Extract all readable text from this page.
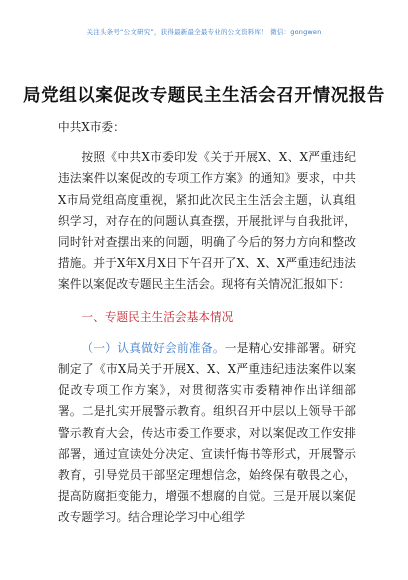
关注头条号“公文研究”，获得最新最全最专业的公文资料库！ 微信：gongwen
局党组以案促改专题民主生活会召开情况报告

中共X市委：

按照《中共X市委印发《关于开展X、X、X严重违纪违法案件以案促改的专项工作方案》的通知》要求，中共X市局党组高度重视，紧扣此次民主生活会主题，认真组织学习，对存在的问题认真查摆，开展批评与自我批评，同时针对查摆出来的问题，明确了今后的努力方向和整改措施。并于X年X月X日下午召开了X、X、X严重违纪违法案件以案促改专题民主生活会。现将有关情况汇报如下：

一、专题民主生活会基本情况

（一）认真做好会前准备。一是精心安排部署。研究制定了《市X局关于开展X、X、X严重违纪违法案件以案促改专项工作方案》，对贯彻落实市委精神作出详细部署。二是扎实开展警示教育。组织召开中层以上领导干部警示教育大会，传达市委工作要求，对以案促改工作安排部署，通过宣读处分决定、宣读忏悔书等形式，开展警示教育，引导党员干部坚定理想信念，始终保有敬畏之心，提高防腐拒变能力，增强不想腐的自觉。三是开展以案促改专题学习。结合理论学习中心组学
